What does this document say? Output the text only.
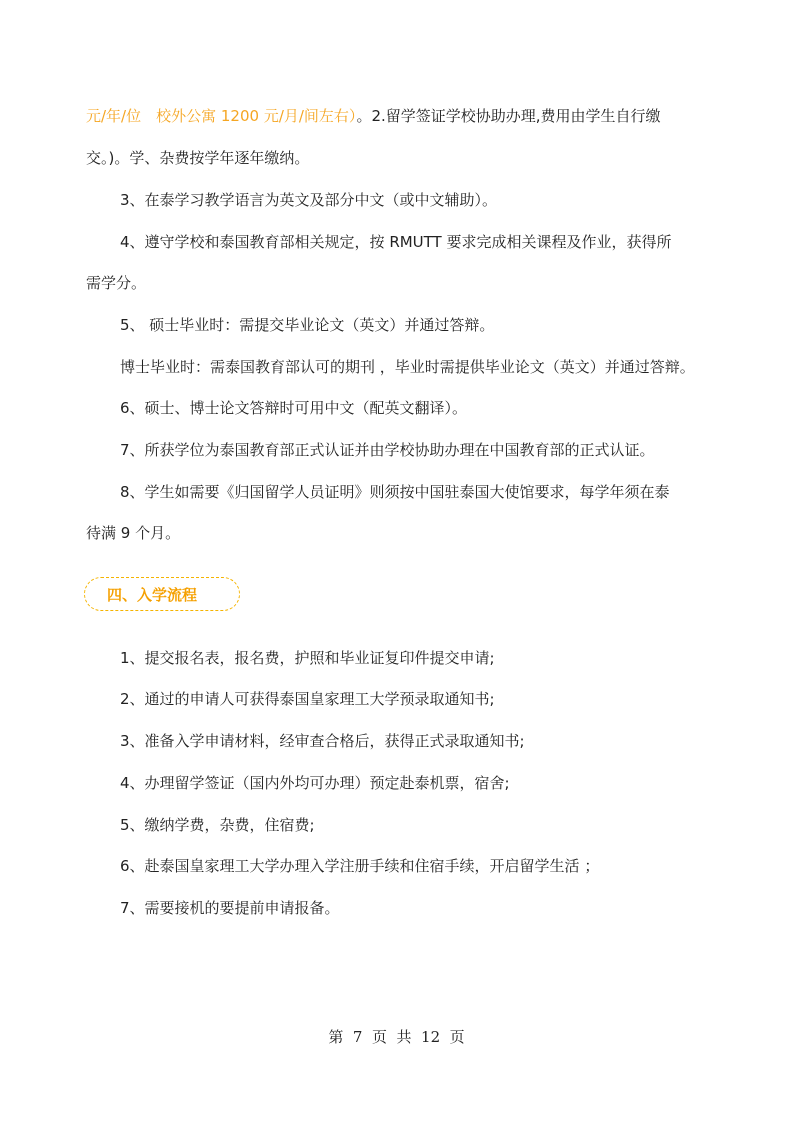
元/年/位　校外公寓 1200 元/月/间左右）。2.留学签证学校协助办理,费用由学生自行缴
交。)。学、杂费按学年逐年缴纳。
3、在泰学习教学语言为英文及部分中文（或中文辅助）。
4、遵守学校和泰国教育部相关规定，按 RMUTT 要求完成相关课程及作业，获得所
需学分。
5、 硕士毕业时：需提交毕业论文（英文）并通过答辩。
博士毕业时：需泰国教育部认可的期刊 ，毕业时需提供毕业论文（英文）并通过答辩。
6、硕士、博士论文答辩时可用中文（配英文翻译）。
7、所获学位为泰国教育部正式认证并由学校协助办理在中国教育部的正式认证。
8、学生如需要《归国留学人员证明》则须按中国驻泰国大使馆要求，每学年须在泰
待满 9 个月。
四、入学流程
1、提交报名表，报名费，护照和毕业证复印件提交申请;
2、通过的申请人可获得泰国皇家理工大学预录取通知书;
3、准备入学申请材料，经审查合格后，获得正式录取通知书;
4、办理留学签证（国内外均可办理）预定赴泰机票，宿舍;
5、缴纳学费，杂费，住宿费;
6、赴泰国皇家理工大学办理入学注册手续和住宿手续，开启留学生活 ；
7、需要接机的要提前申请报备。
第  7  页  共  12  页
